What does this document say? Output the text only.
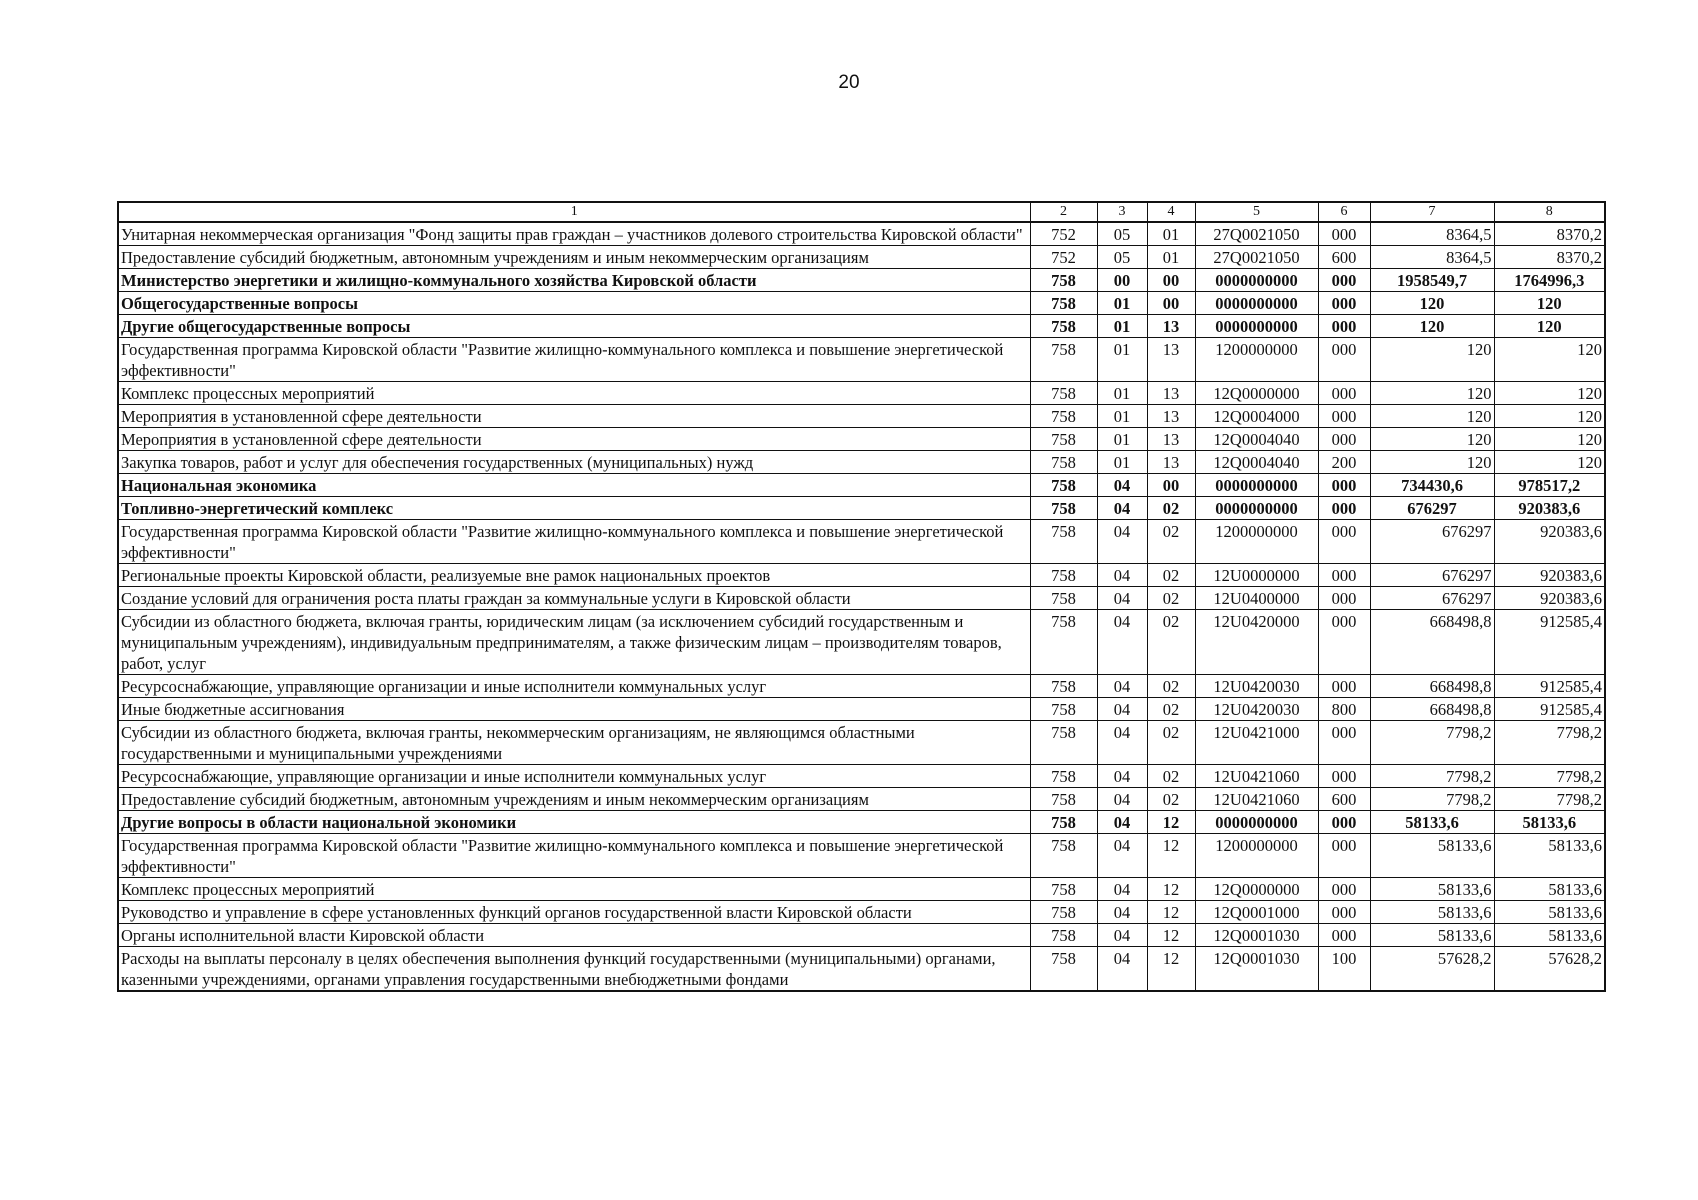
20
1	2	3	4	5	6	7	8
Унитарная некоммерческая организация "Фонд защиты прав граждан – участников долевого строительства Кировской области"	752	05	01	27Q0021050	000	8364,5	8370,2
Предоставление субсидий бюджетным, автономным учреждениям и иным некоммерческим организациям	752	05	01	27Q0021050	600	8364,5	8370,2
Министерство энергетики и жилищно-коммунального хозяйства Кировской области	758	00	00	0000000000	000	1958549,7	1764996,3
Общегосударственные вопросы	758	01	00	0000000000	000	120	120
Другие общегосударственные вопросы	758	01	13	0000000000	000	120	120
Государственная программа Кировской области "Развитие жилищно-коммунального комплекса и повышение энергетической эффективности"	758	01	13	1200000000	000	120	120
Комплекс процессных мероприятий	758	01	13	12Q0000000	000	120	120
Мероприятия в установленной сфере деятельности	758	01	13	12Q0004000	000	120	120
Мероприятия в установленной сфере деятельности	758	01	13	12Q0004040	000	120	120
Закупка товаров, работ и услуг для обеспечения государственных (муниципальных) нужд	758	01	13	12Q0004040	200	120	120
Национальная экономика	758	04	00	0000000000	000	734430,6	978517,2
Топливно-энергетический комплекс	758	04	02	0000000000	000	676297	920383,6
Государственная программа Кировской области "Развитие жилищно-коммунального комплекса и повышение энергетической эффективности"	758	04	02	1200000000	000	676297	920383,6
Региональные проекты Кировской области, реализуемые вне рамок национальных проектов	758	04	02	12U0000000	000	676297	920383,6
Создание условий для ограничения роста платы граждан за коммунальные услуги в Кировской области	758	04	02	12U0400000	000	676297	920383,6
Субсидии из областного бюджета, включая гранты, юридическим лицам (за исключением субсидий государственным и муниципальным учреждениям), индивидуальным предпринимателям, а также физическим лицам – производителям товаров, работ, услуг	758	04	02	12U0420000	000	668498,8	912585,4
Ресурсоснабжающие, управляющие организации и иные исполнители коммунальных услуг	758	04	02	12U0420030	000	668498,8	912585,4
Иные бюджетные ассигнования	758	04	02	12U0420030	800	668498,8	912585,4
Субсидии из областного бюджета, включая гранты, некоммерческим организациям, не являющимся областными государственными и муниципальными учреждениями	758	04	02	12U0421000	000	7798,2	7798,2
Ресурсоснабжающие, управляющие организации и иные исполнители коммунальных услуг	758	04	02	12U0421060	000	7798,2	7798,2
Предоставление субсидий бюджетным, автономным учреждениям и иным некоммерческим организациям	758	04	02	12U0421060	600	7798,2	7798,2
Другие вопросы в области национальной экономики	758	04	12	0000000000	000	58133,6	58133,6
Государственная программа Кировской области "Развитие жилищно-коммунального комплекса и повышение энергетической эффективности"	758	04	12	1200000000	000	58133,6	58133,6
Комплекс процессных мероприятий	758	04	12	12Q0000000	000	58133,6	58133,6
Руководство и управление в сфере установленных функций органов государственной власти Кировской области	758	04	12	12Q0001000	000	58133,6	58133,6
Органы исполнительной власти Кировской области	758	04	12	12Q0001030	000	58133,6	58133,6
Расходы на выплаты персоналу в целях обеспечения выполнения функций государственными (муниципальными) органами, казенными учреждениями, органами управления государственными внебюджетными фондами	758	04	12	12Q0001030	100	57628,2	57628,2
